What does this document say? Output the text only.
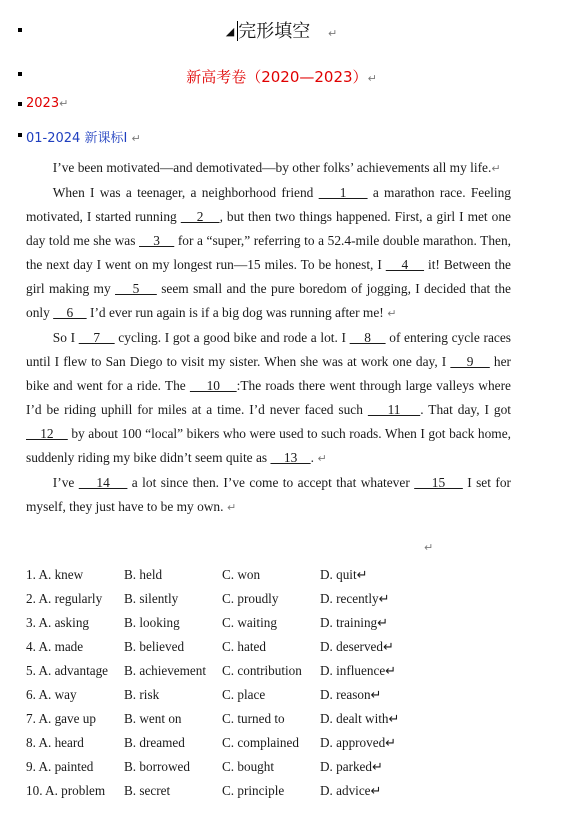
◢ 完形填空 ↵
新高考卷（2020—2023）↵
2023↵
01-2024 新课标Ⅰ ↵

I’ve been motivated—and demotivated—by other folks’ achievements all my life.↵

When I was a teenager, a neighborhood friend     1     a marathon race. Feeling motivated, I started running     2    , but then two things happened. First, a girl I met one day told me she was     3     for a “super,” referring to a 52.4-mile double marathon. Then, the next day I went on my longest run—15 miles. To be honest, I     4     it! Between the girl making my     5     seem small and the pure boredom of jogging, I decided that the only     6     I’d ever run again is if a big dog was running after me! ↵

So I     7     cycling. I got a good bike and rode a lot. I     8     of entering cycle races until I flew to San Diego to visit my sister. When she was at work one day, I     9     her bike and went for a ride. The     10    :The roads there went through large valleys where I’d be riding uphill for miles at a time. I’d never faced such     11    . That day, I got     12     by about 100 “local” bikers who were used to such roads. When I got back home, suddenly riding my bike didn’t seem quite as     13    . ↵

I’ve     14     a lot since then. I’ve come to accept that whatever     15     I set for myself, they just have to be my own. ↵

↵
1. A. knew	B. held	C. won	D. quit↵
2. A. regularly B. silently	C. proudly	D. recently↵
3. A. asking	B. looking	C. waiting	D. training↵
4. A. made	B. believed	C. hated	D. deserved↵
5. A. advantage B. achievement C. contribution D. influence↵
6. A. way	B. risk	C. place	D. reason↵
7. A. gave up B. went on	C. turned to	D. dealt with↵
8. A. heard	B. dreamed	C. complained D. approved↵
9. A. painted B. borrowed C. bought	D. parked↵
10. A. problem B. secret	C. principle	D. advice↵
